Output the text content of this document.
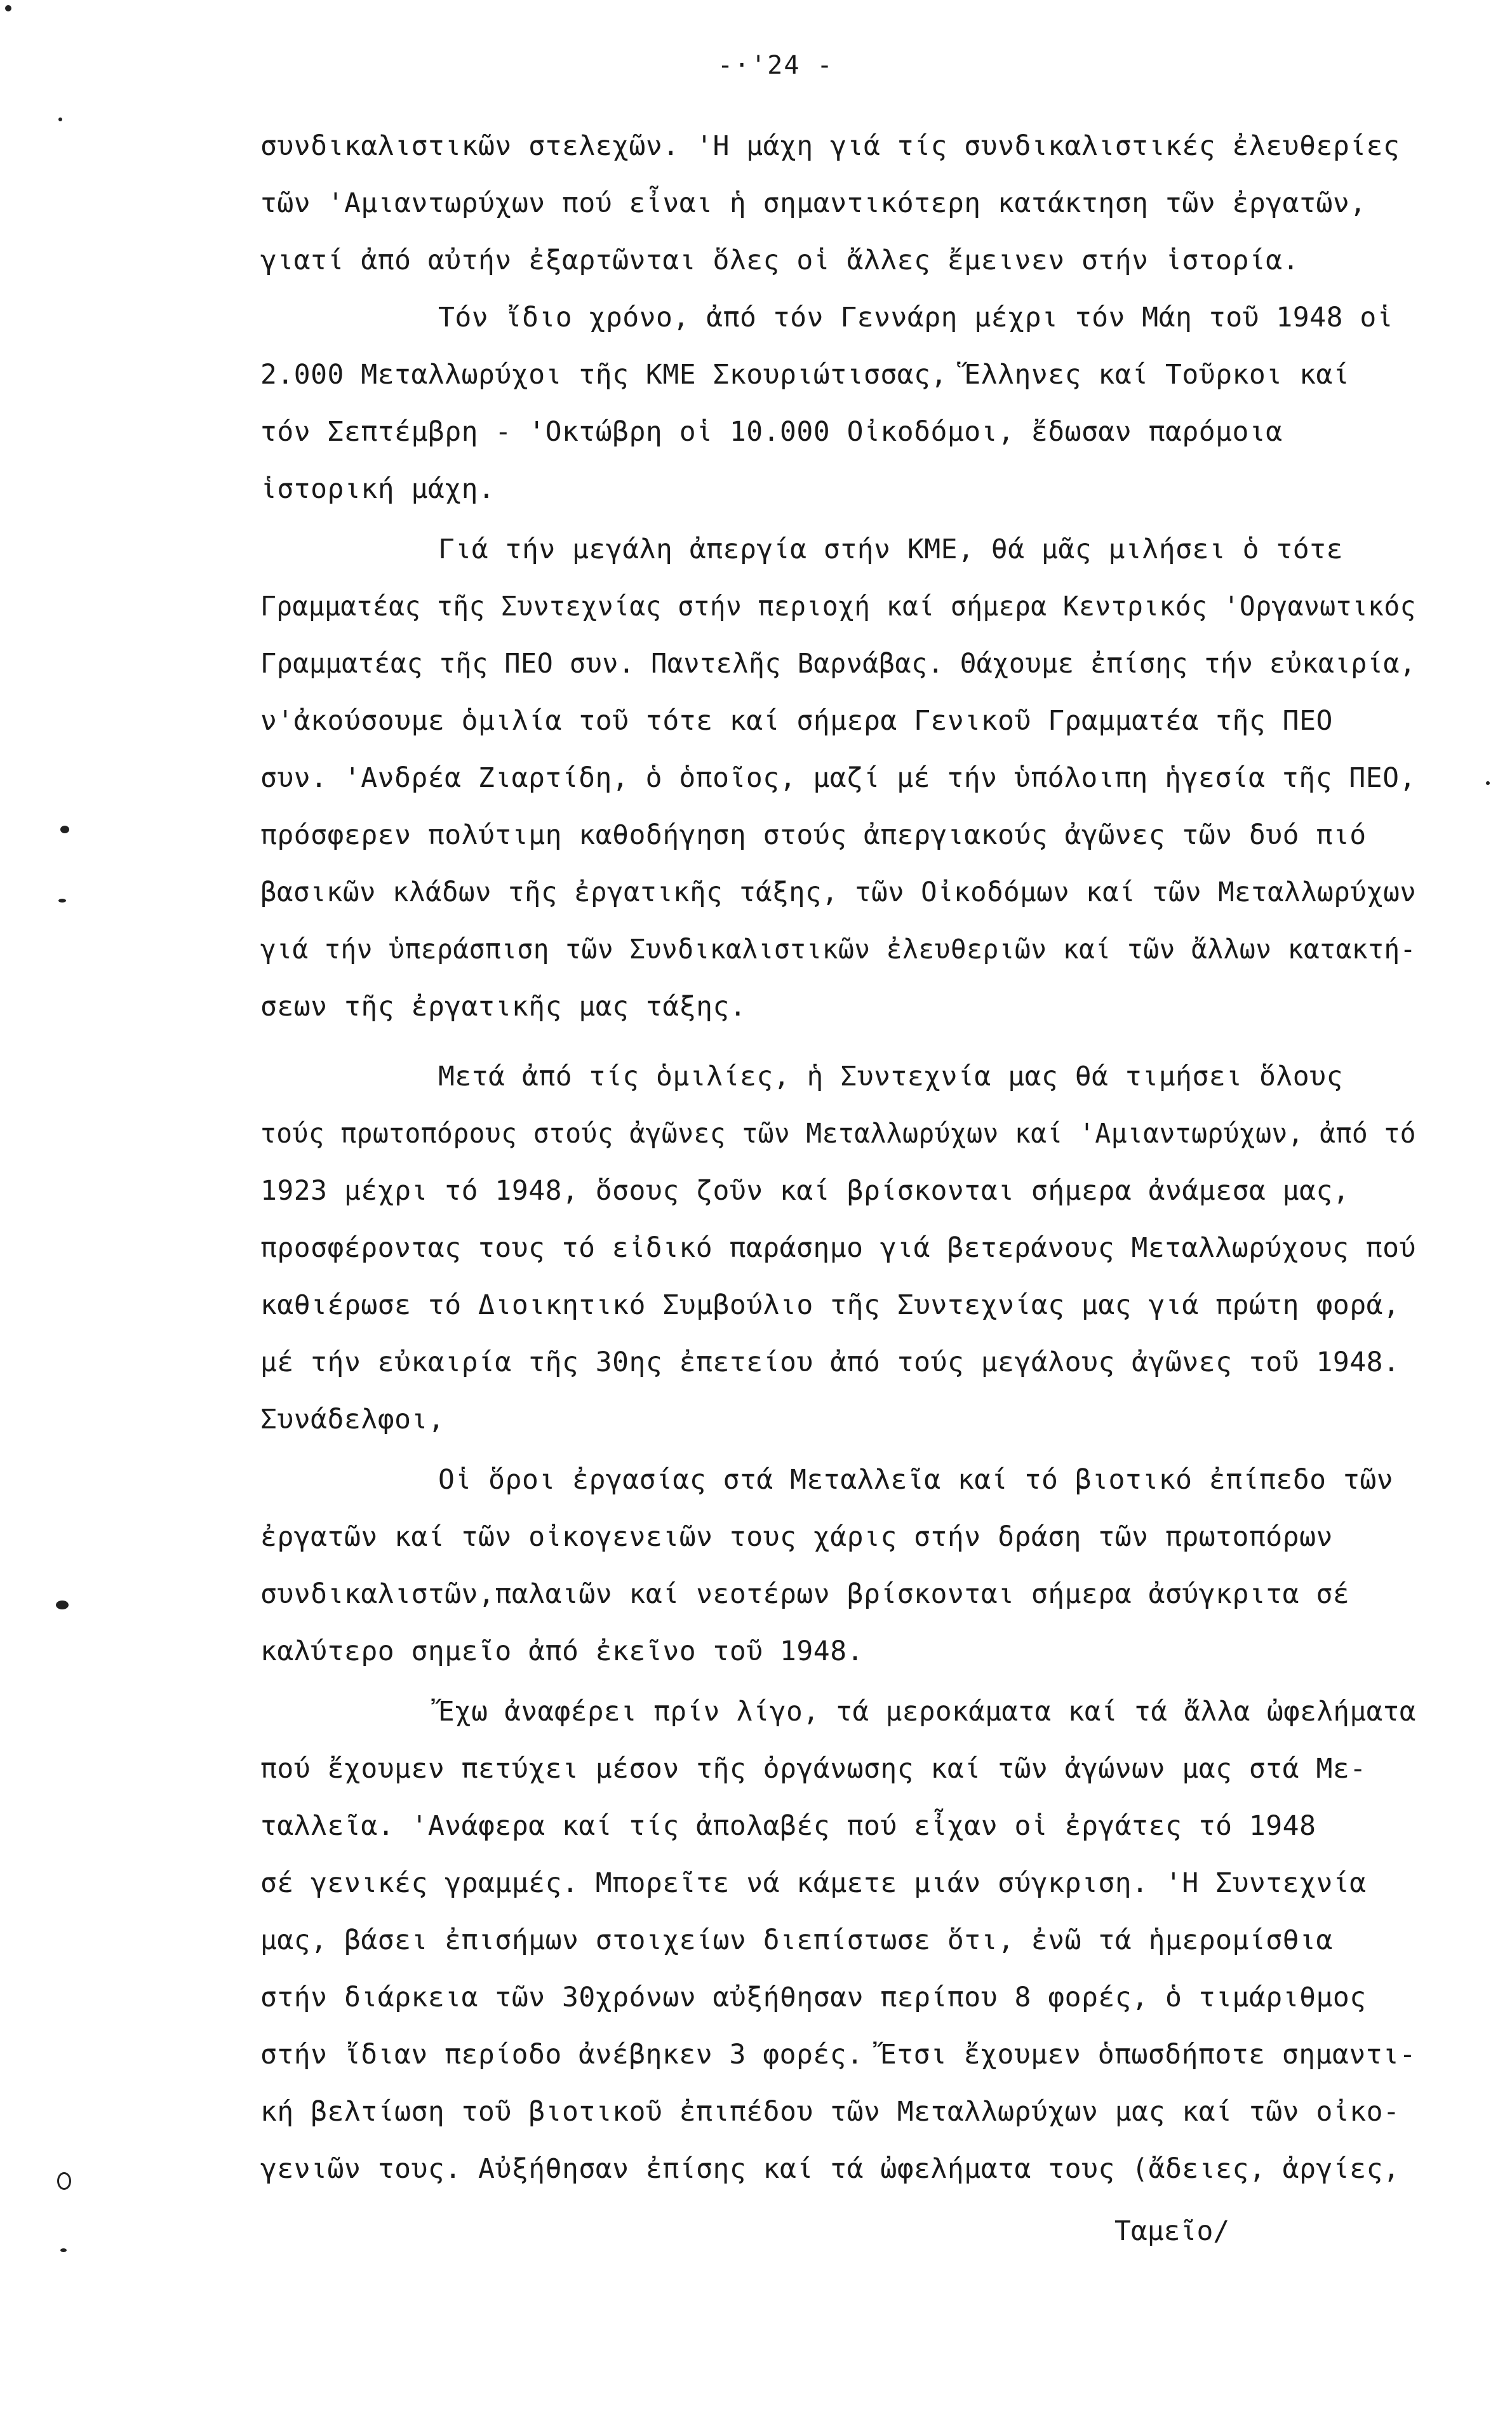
-·'24 -
συνδικαλιστικῶν στελεχῶν. 'Η μάχη γιά τίς συνδικαλιστικές ἐλευθερίες
τῶν 'Αμιαντωρύχων πού εἶναι ἡ σημαντικότερη κατάκτηση τῶν ἐργατῶν,
γιατί ἀπό αὐτήν ἐξαρτῶνται ὅλες οἱ ἄλλες ἔμεινεν στήν ἱστορία.
Τόν ἴδιο χρόνο, ἀπό τόν Γεννάρη μέχρι τόν Μάη τοῦ 1948 οἱ
2.000 Μεταλλωρύχοι τῆς ΚΜΕ Σκουριώτισσας, Ἕλληνες καί Τοῦρκοι καί
τόν Σεπτέμβρη - 'Οκτώβρη οἱ 10.000 Οἰκοδόμοι, ἔδωσαν παρόμοια
ἱστορική μάχη.
Γιά τήν μεγάλη ἀπεργία στήν ΚΜΕ, θά μᾶς μιλήσει ὁ τότε
Γραμματέας τῆς Συντεχνίας στήν περιοχή καί σήμερα Κεντρικός 'Οργανωτικός
Γραμματέας τῆς ΠΕΟ συν. Παντελῆς Βαρνάβας. Θάχουμε ἐπίσης τήν εὐκαιρία,
ν'ἀκούσουμε ὁμιλία τοῦ τότε καί σήμερα Γενικοῦ Γραμματέα τῆς ΠΕΟ
συν. 'Ανδρέα Ζιαρτίδη, ὁ ὁποῖος, μαζί μέ τήν ὑπόλοιπη ἡγεσία τῆς ΠΕΟ,
πρόσφερεν πολύτιμη καθοδήγηση στούς ἀπεργιακούς ἀγῶνες τῶν δυό πιό
βασικῶν κλάδων τῆς ἐργατικῆς τάξης, τῶν Οἰκοδόμων καί τῶν Μεταλλωρύχων
γιά τήν ὑπεράσπιση τῶν Συνδικαλιστικῶν ἐλευθεριῶν καί τῶν ἄλλων κατακτή-
σεων τῆς ἐργατικῆς μας τάξης.
Μετά ἀπό τίς ὁμιλίες, ἡ Συντεχνία μας θά τιμήσει ὅλους
τούς πρωτοπόρους στούς ἀγῶνες τῶν Μεταλλωρύχων καί 'Αμιαντωρύχων, ἀπό τό
1923 μέχρι τό 1948, ὅσους ζοῦν καί βρίσκονται σήμερα ἀνάμεσα μας,
προσφέροντας τους τό εἰδικό παράσημο γιά βετεράνους Μεταλλωρύχους πού
καθιέρωσε τό Διοικητικό Συμβούλιο τῆς Συντεχνίας μας γιά πρώτη φορά,
μέ τήν εὐκαιρία τῆς 30ης ἐπετείου ἀπό τούς μεγάλους ἀγῶνες τοῦ 1948.
Συνάδελφοι,
Οἱ ὅροι ἐργασίας στά Μεταλλεῖα καί τό βιοτικό ἐπίπεδο τῶν
ἐργατῶν καί τῶν οἰκογενειῶν τους χάρις στήν δράση τῶν πρωτοπόρων
συνδικαλιστῶν,παλαιῶν καί νεοτέρων βρίσκονται σήμερα ἀσύγκριτα σέ
καλύτερο σημεῖο ἀπό ἐκεῖνο τοῦ 1948.
Ἔχω ἀναφέρει πρίν λίγο, τά μεροκάματα καί τά ἄλλα ὠφελήματα
πού ἔχουμεν πετύχει μέσον τῆς ὀργάνωσης καί τῶν ἀγώνων μας στά Με-
ταλλεῖα. 'Ανάφερα καί τίς ἀπολαβές πού εἶχαν οἱ ἐργάτες τό 1948
σέ γενικές γραμμές. Μπορεῖτε νά κάμετε μιάν σύγκριση. 'Η Συντεχνία
μας, βάσει ἐπισήμων στοιχείων διεπίστωσε ὅτι, ἐνῶ τά ἡμερομίσθια
στήν διάρκεια τῶν 30χρόνων αὐξήθησαν περίπου 8 φορές, ὁ τιμάριθμος
στήν ἴδιαν περίοδο ἀνέβηκεν 3 φορές. Ἔτσι ἔχουμεν ὁπωσδήποτε σημαντι-
κή βελτίωση τοῦ βιοτικοῦ ἐπιπέδου τῶν Μεταλλωρύχων μας καί τῶν οἰκο-
γενιῶν τους. Αὐξήθησαν ἐπίσης καί τά ὠφελήματα τους (ἄδειες, ἀργίες,
Ταμεῖο/
